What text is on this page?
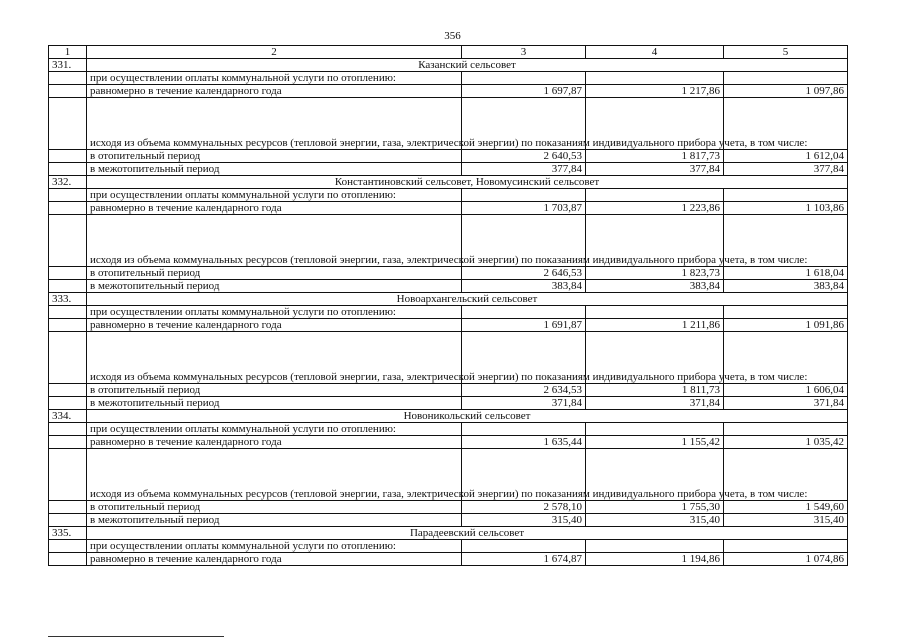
356
1	2	3	4	5
331.	Казанский сельсовет			
	при осуществлении оплаты коммунальной услуги по отоплению:			
	равномерно в течение календарного года	1 697,87	1 217,86	1 097,86
	исходя из объема коммунальных ресурсов (тепловой энергии, газа, электрической энергии) по показаниям индивидуального прибора учета, в том числе:			
	в отопительный период	2 640,53	1 817,73	1 612,04
	в межотопительный период	377,84	377,84	377,84
332.	Константиновский сельсовет, Новомусинский сельсовет			
	при осуществлении оплаты коммунальной услуги по отоплению:			
	равномерно в течение календарного года	1 703,87	1 223,86	1 103,86
	исходя из объема коммунальных ресурсов (тепловой энергии, газа, электрической энергии) по показаниям индивидуального прибора учета, в том числе:			
	в отопительный период	2 646,53	1 823,73	1 618,04
	в межотопительный период	383,84	383,84	383,84
333.	Новоархангельский сельсовет			
	при осуществлении оплаты коммунальной услуги по отоплению:			
	равномерно в течение календарного года	1 691,87	1 211,86	1 091,86
	исходя из объема коммунальных ресурсов (тепловой энергии, газа, электрической энергии) по показаниям индивидуального прибора учета, в том числе:			
	в отопительный период	2 634,53	1 811,73	1 606,04
	в межотопительный период	371,84	371,84	371,84
334.	Новоникольский сельсовет			
	при осуществлении оплаты коммунальной услуги по отоплению:			
	равномерно в течение календарного года	1 635,44	1 155,42	1 035,42
	исходя из объема коммунальных ресурсов (тепловой энергии, газа, электрической энергии) по показаниям индивидуального прибора учета, в том числе:			
	в отопительный период	2 578,10	1 755,30	1 549,60
	в межотопительный период	315,40	315,40	315,40
335.	Парадеевский сельсовет			
	при осуществлении оплаты коммунальной услуги по отоплению:			
	равномерно в течение календарного года	1 674,87	1 194,86	1 074,86
